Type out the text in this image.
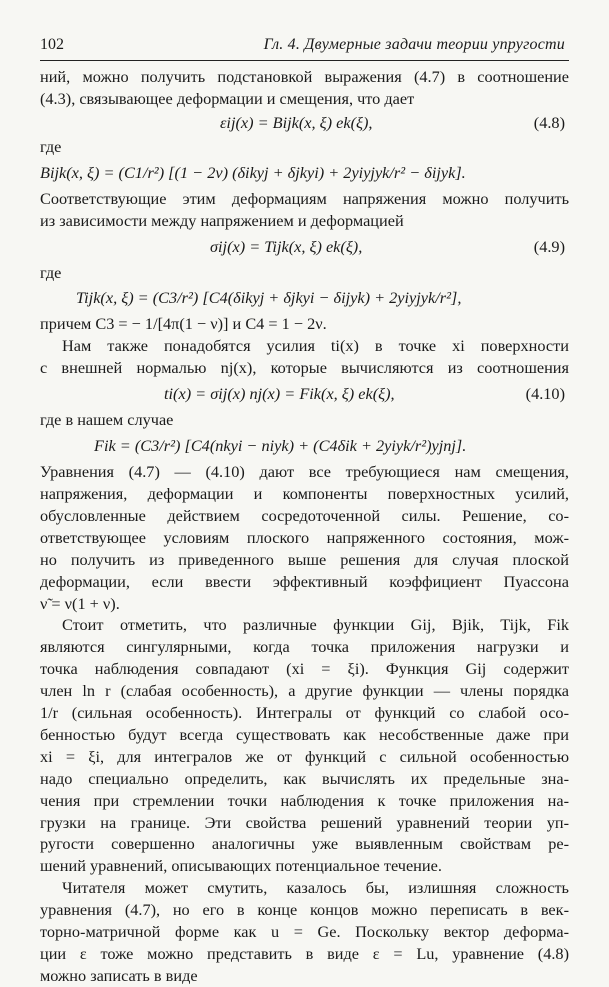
102	Гл. 4. Двумерные задачи теории упругости
ний, можно получить подстановкой выражения (4.7) в соотношение
(4.3), связывающее деформации и смещения, что дает
εij(x) = Bijk(x, ξ) ek(ξ),	(4.8)
где
Bijk(x, ξ) = (C1/r²) [(1 − 2ν) (δikyj + δjkyi) + 2yiyjyk/r² − δijyk].
Соответствующие этим деформациям напряжения можно получить
из зависимости между напряжением и деформацией
σij(x) = Tijk(x, ξ) ek(ξ),	(4.9)
где
Tijk(x, ξ) = (C3/r²) [C4(δikyj + δjkyi − δijyk) + 2yiyjyk/r²],
причем C3 = − 1/[4π(1 − ν)] и C4 = 1 − 2ν.
Нам также понадобятся усилия ti(x) в точке xi поверхности
с внешней нормалью nj(x), которые вычисляются из соотношения
ti(x) = σij(x) nj(x) = Fik(x, ξ) ek(ξ),	(4.10)
где в нашем случае
Fik = (C3/r²) [C4(nkyi − niyk) + (C4δik + 2yiyk/r²)yjnj].
Уравнения (4.7) — (4.10) дают все требующиеся нам смещения,
напряжения, деформации и компоненты поверхностных усилий,
обусловленные действием сосредоточенной силы. Решение, со-
ответствующее условиям плоского напряженного состояния, мож-
но получить из приведенного выше решения для случая плоской
деформации, если ввести эффективный коэффициент Пуассона
ν̃ = ν(1 + ν).
Стоит отметить, что различные функции Gij, Bjik, Tijk, Fik
являются сингулярными, когда точка приложения нагрузки и
точка наблюдения совпадают (xi = ξi). Функция Gij содержит
член ln r (слабая особенность), а другие функции — члены порядка
1/r (сильная особенность). Интегралы от функций со слабой осо-
бенностью будут всегда существовать как несобственные даже при
xi = ξi, для интегралов же от функций с сильной особенностью
надо специально определить, как вычислять их предельные зна-
чения при стремлении точки наблюдения к точке приложения на-
грузки на границе. Эти свойства решений уравнений теории уп-
ругости совершенно аналогичны уже выявленным свойствам ре-
шений уравнений, описывающих потенциальное течение.
Читателя может смутить, казалось бы, излишняя сложность
уравнения (4.7), но его в конце концов можно переписать в век-
торно-матричной форме как u = Ge. Поскольку вектор деформа-
ции ε тоже можно представить в виде ε = Lu, уравнение (4.8)
можно записать в виде
